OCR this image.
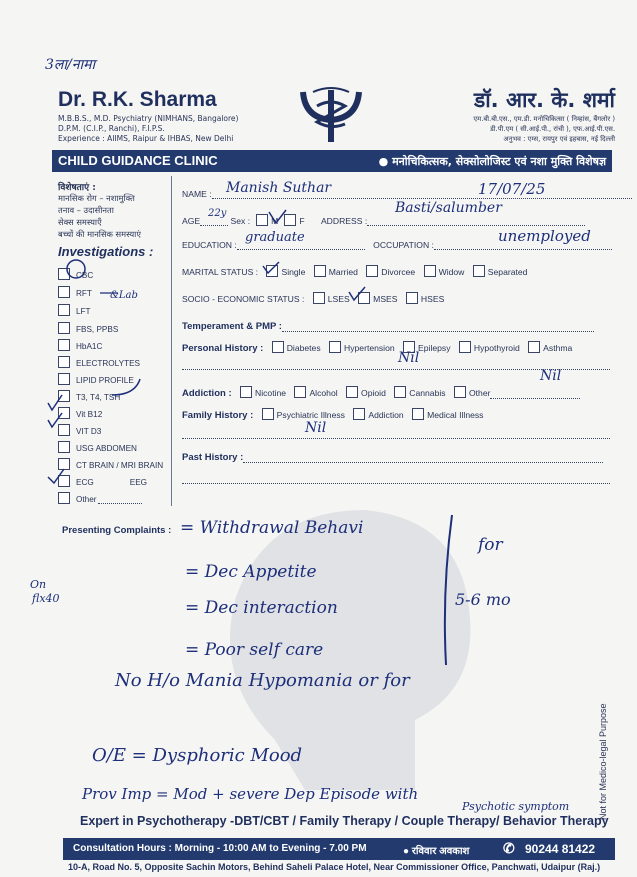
3ला/नामा
Dr. R.K. Sharma
M.B.B.S., M.D. Psychiatry (NIMHANS, Bangalore)
D.P.M. (C.I.P., Ranchi), F.I.P.S.
Experience : AIIMS, Raipur & IHBAS, New Delhi
डॉ. आर. के. शर्मा
एम.बी.बी.एस., एम.डी. मनोचिकित्सा ( निम्हांस, बैंगलोर )
डी.पी.एम ( सी.आई.पी., रांची ), एफ.आई.पी.एस.
अनुभव : एम्स, रायपुर एवं इहबास, नई दिल्ली
CHILD GUIDANCE CLINIC	● मनोचिकित्सक, सेक्सोलोजिस्ट एवं नशा मुक्ति विशेषज्ञ
विशेषताएं :
मानसिक रोग – नशामुक्ति
तनाव – उदासीनता
सेक्स समस्याएँ
बच्चों की मानसिक समस्याएं
Investigations :
CBC
RFT
LFT
FBS, PPBS
HbA1C
ELECTROLYTES
LIPID PROFILE
T3, T4, TSH
Vit B12
VIT D3
USG ABDOMEN
CT BRAIN / MRI BRAIN
ECG	EEG
Other
&Lab
NAME :	Manish Suthar	17/07/25
AGE	Sex : M F ADDRESS :
22y	Basti/salumber
EDUCATION :	OCCUPATION :
graduate	unemployed
MARITAL STATUS :	Single	Married	Divorcee	Widow	Separated
SOCIO - ECONOMIC STATUS :	LSES	MSES	HSES
Temperament & PMP :
Personal History :	Diabetes	Hypertension	Epilepsy	Hypothyroid	Asthma
Nil
Addiction :	Nicotine	Alcohol	Opioid	Cannabis	Other
Nil
Family History :	Psychiatric Illness	Addiction	Medical Illness
Nil
Past History :
Presenting Complaints :
On
flx40
= Withdrawal Behavi
= Dec Appetite
= Dec interaction
= Poor self care
for
5-6 mo
No H/o Mania Hypomania or for
O/E = Dysphoric Mood
Prov Imp = Mod + severe Dep Episode with
Psychotic symptom	Not for Medico-legal Purpose
Expert in Psychotherapy -DBT/CBT / Family Therapy / Couple Therapy/ Behavior Therapy
Consultation Hours : Morning - 10:00 AM to Evening - 7.00 PM	● रविवार अवकाश ✆ 90244 81422
10-A, Road No. 5, Opposite Sachin Motors, Behind Saheli Palace Hotel, Near Commissioner Office, Panchwati, Udaipur (Raj.)
